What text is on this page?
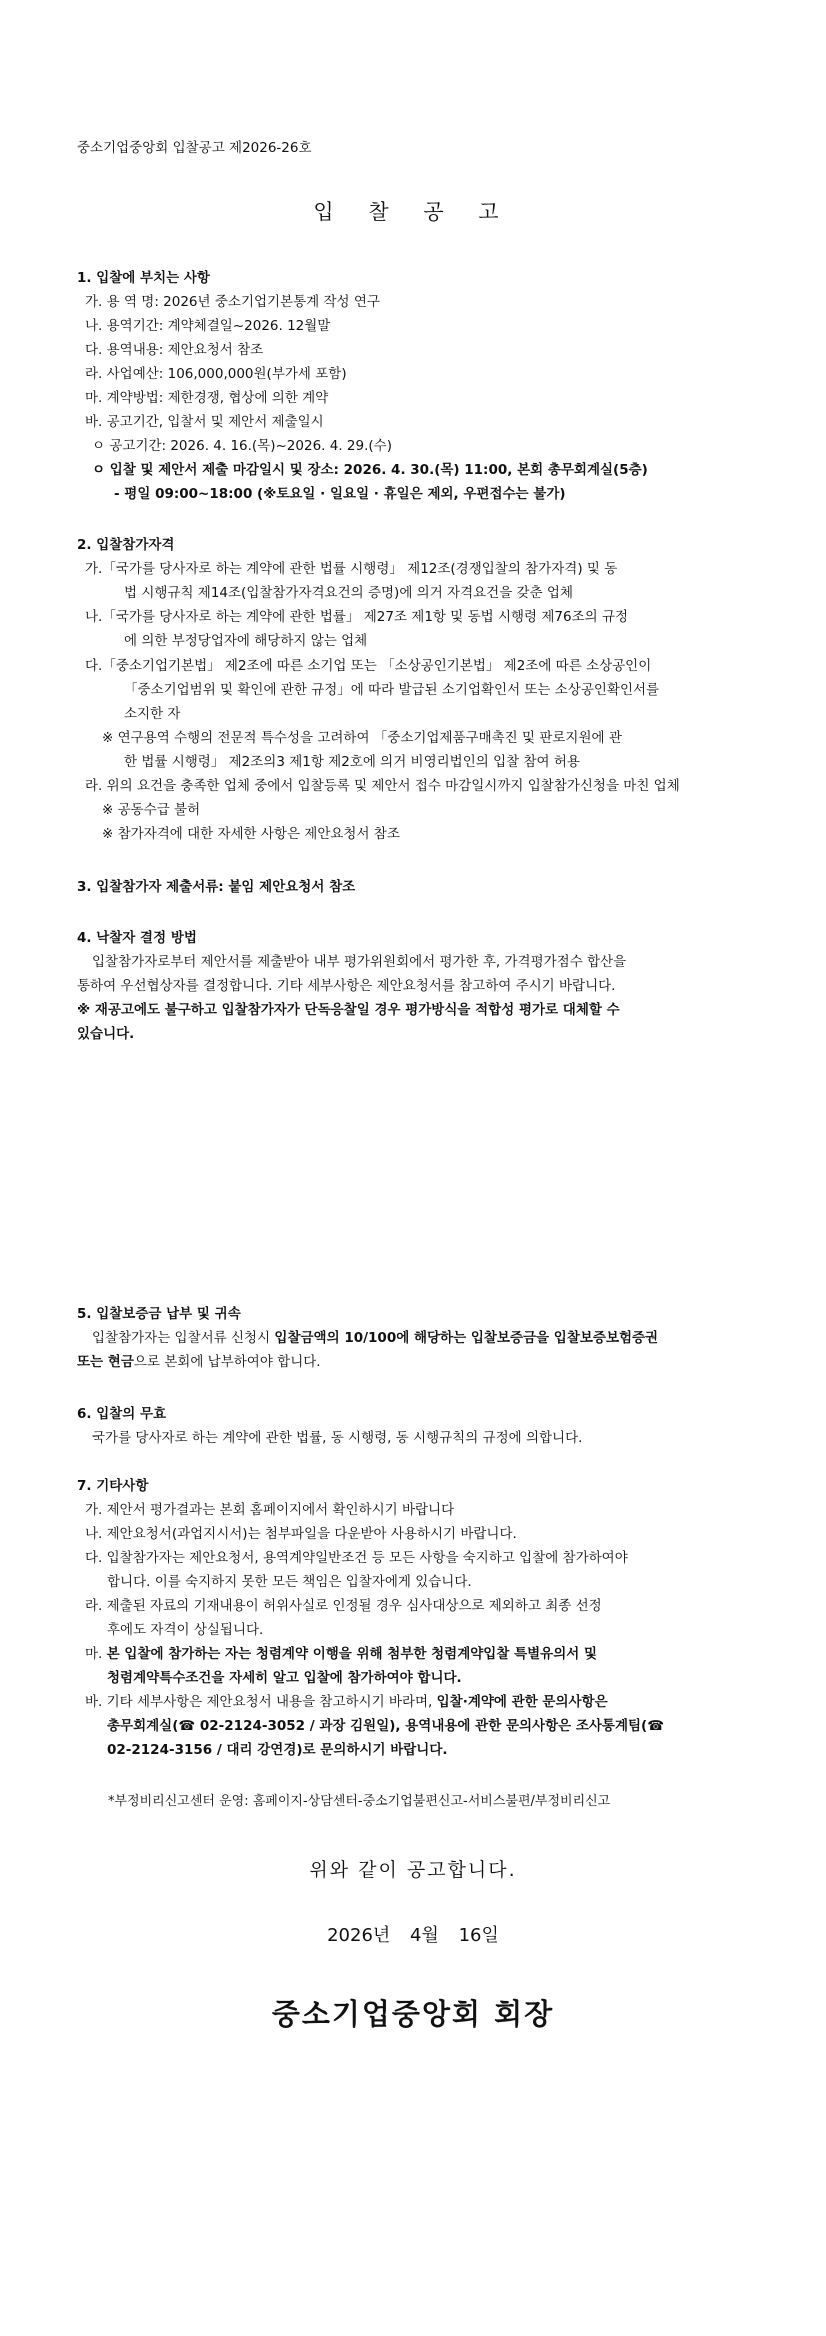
중소기업중앙회 입찰공고 제2026-26호
입 찰 공 고
1. 입찰에 부치는 사항
가. 용 역 명: 2026년 중소기업기본통계 작성 연구
나. 용역기간: 계약체결일~2026. 12월말
다. 용역내용: 제안요청서 참조
라. 사업예산: 106,000,000원(부가세 포함)
마. 계약방법: 제한경쟁, 협상에 의한 계약
바. 공고기간, 입찰서 및 제안서 제출일시
ㅇ 공고기간: 2026. 4. 16.(목)~2026. 4. 29.(수)
ㅇ 입찰 및 제안서 제출 마감일시 및 장소: 2026. 4. 30.(목) 11:00, 본회 총무회계실(5층)
- 평일 09:00~18:00 (※토요일 · 일요일 · 휴일은 제외, 우편접수는 불가)
2. 입찰참가자격
가.「국가를 당사자로 하는 계약에 관한 법률 시행령」 제12조(경쟁입찰의 참가자격) 및 동
법 시행규칙 제14조(입찰참가자격요건의 증명)에 의거 자격요건을 갖춘 업체
나.「국가를 당사자로 하는 계약에 관한 법률」 제27조 제1항 및 동법 시행령 제76조의 규정
에 의한 부정당업자에 해당하지 않는 업체
다.「중소기업기본법」 제2조에 따른 소기업 또는 「소상공인기본법」 제2조에 따른 소상공인이
「중소기업범위 및 확인에 관한 규정」에 따라 발급된 소기업확인서 또는 소상공인확인서를
소지한 자
※ 연구용역 수행의 전문적 특수성을 고려하여 「중소기업제품구매촉진 및 판로지원에 관
한 법률 시행령」 제2조의3 제1항 제2호에 의거 비영리법인의 입찰 참여 허용
라. 위의 요건을 충족한 업체 중에서 입찰등록 및 제안서 접수 마감일시까지 입찰참가신청을 마친 업체
※ 공동수급 불허
※ 참가자격에 대한 자세한 사항은 제안요청서 참조
3. 입찰참가자 제출서류: 붙임 제안요청서 참조
4. 낙찰자 결정 방법
입찰참가자로부터 제안서를 제출받아 내부 평가위원회에서 평가한 후, 가격평가점수 합산을
통하여 우선협상자를 결정합니다. 기타 세부사항은 제안요청서를 참고하여 주시기 바랍니다.
※ 재공고에도 불구하고 입찰참가자가 단독응찰일 경우 평가방식을 적합성 평가로 대체할 수
있습니다.
5. 입찰보증금 납부 및 귀속
입찰참가자는 입찰서류 신청시 입찰금액의 10/100에 해당하는 입찰보증금을 입찰보증보험증권
또는 현금으로 본회에 납부하여야 합니다.
6. 입찰의 무효
국가를 당사자로 하는 계약에 관한 법률, 동 시행령, 동 시행규칙의 규정에 의합니다.
7. 기타사항
가. 제안서 평가결과는 본회 홈페이지에서 확인하시기 바랍니다
나. 제안요청서(과업지시서)는 첨부파일을 다운받아 사용하시기 바랍니다.
다. 입찰참가자는 제안요청서, 용역계약일반조건 등 모든 사항을 숙지하고 입찰에 참가하여야
합니다. 이를 숙지하지 못한 모든 책임은 입찰자에게 있습니다.
라. 제출된 자료의 기재내용이 허위사실로 인정될 경우 심사대상으로 제외하고 최종 선정
후에도 자격이 상실됩니다.
마. 본 입찰에 참가하는 자는 청렴계약 이행을 위해 첨부한 청렴계약입찰 특별유의서 및
청렴계약특수조건을 자세히 알고 입찰에 참가하여야 합니다.
바. 기타 세부사항은 제안요청서 내용을 참고하시기 바라며, 입찰·계약에 관한 문의사항은
총무회계실(☎ 02-2124-3052 / 과장 김원일), 용역내용에 관한 문의사항은 조사통계팀(☎
02-2124-3156 / 대리 강연경)로 문의하시기 바랍니다.
*부정비리신고센터 운영: 홈페이지-상담센터-중소기업불편신고-서비스불편/부정비리신고
위와 같이 공고합니다.
2026년 4월 16일
중소기업중앙회 회장
